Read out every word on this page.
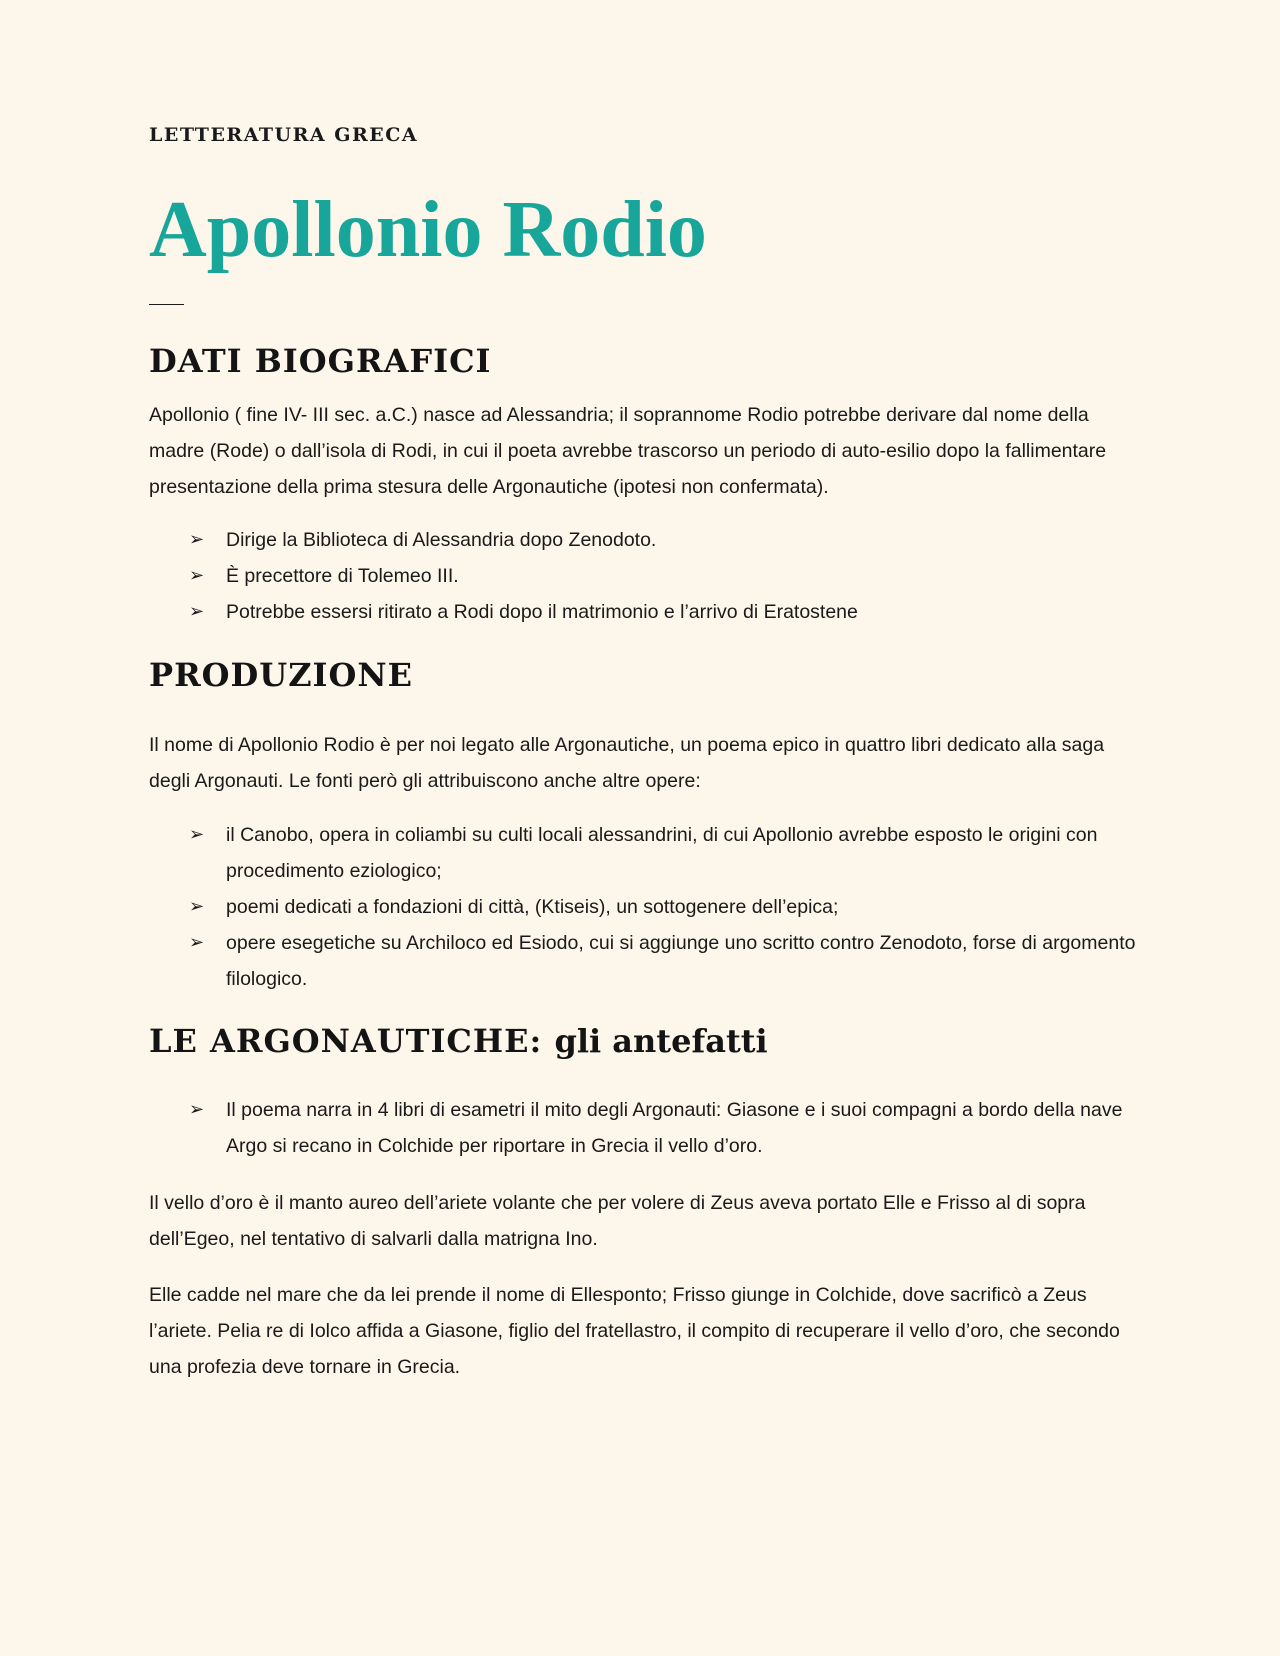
LETTERATURA GRECA
Apollonio Rodio
DATI BIOGRAFICI

Apollonio ( fine IV- III sec. a.C.) nasce ad Alessandria; il soprannome Rodio potrebbe derivare dal nome della madre (Rode) o dall’isola di Rodi, in cui il poeta avrebbe trascorso un periodo di auto-esilio dopo la fallimentare presentazione della prima stesura delle Argonautiche (ipotesi non confermata).

➢ Dirige la Biblioteca di Alessandria dopo Zenodoto.
➢ È precettore di Tolemeo III.
➢ Potrebbe essersi ritirato a Rodi dopo il matrimonio e l’arrivo di Eratostene
PRODUZIONE

Il nome di Apollonio Rodio è per noi legato alle Argonautiche, un poema epico in quattro libri dedicato alla saga degli Argonauti. Le fonti però gli attribuiscono anche altre opere:

➢ il Canobo, opera in coliambi su culti locali alessandrini, di cui Apollonio avrebbe esposto le origini con procedimento eziologico;
➢ poemi dedicati a fondazioni di città, (Ktiseis), un sottogenere dell’epica;
➢ opere esegetiche su Archiloco ed Esiodo, cui si aggiunge uno scritto contro Zenodoto, forse di argomento filologico.
LE ARGONAUTICHE: gli antefatti
➢ Il poema narra in 4 libri di esametri il mito degli Argonauti: Giasone e i suoi compagni a bordo della nave Argo si recano in Colchide per riportare in Grecia il vello d’oro.

Il vello d’oro è il manto aureo dell’ariete volante che per volere di Zeus aveva portato Elle e Frisso al di sopra dell’Egeo, nel tentativo di salvarli dalla matrigna Ino.

Elle cadde nel mare che da lei prende il nome di Ellesponto; Frisso giunge in Colchide, dove sacrificò a Zeus l’ariete. Pelia re di Iolco affida a Giasone, figlio del fratellastro, il compito di recuperare il vello d’oro, che secondo una profezia deve tornare in Grecia.
